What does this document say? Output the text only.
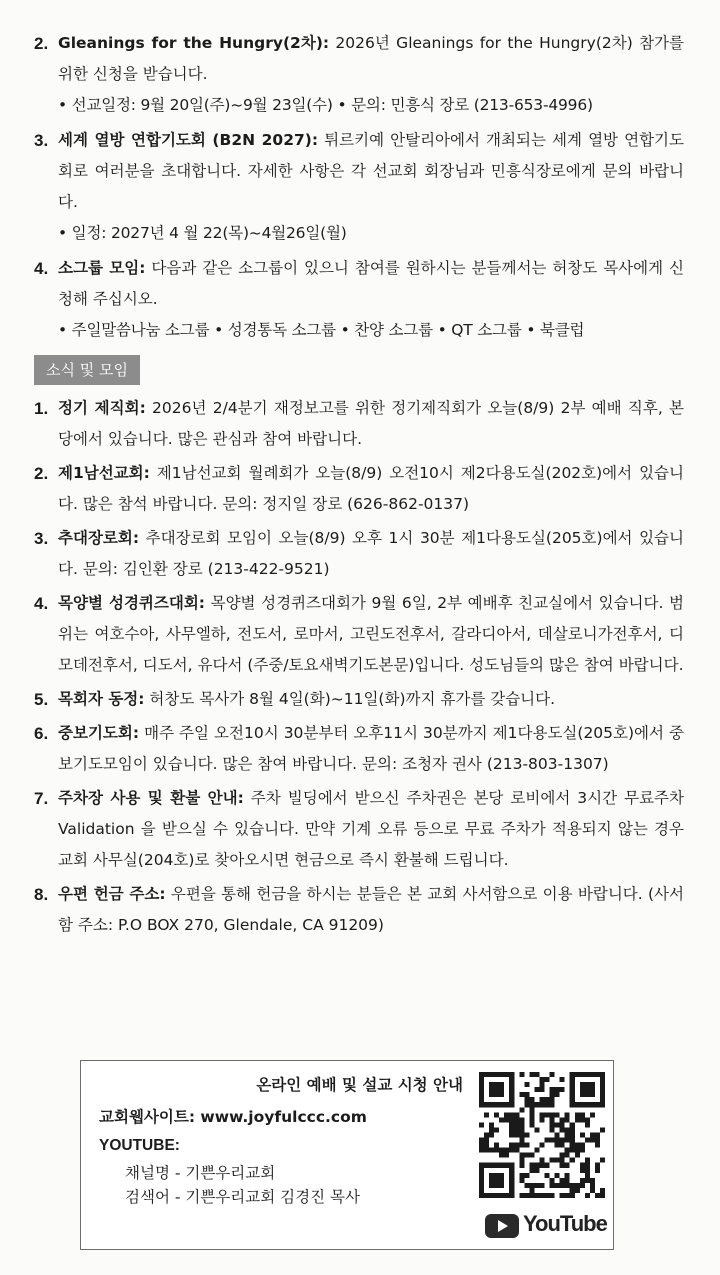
2. Gleanings for the Hungry(2차): 2026년 Gleanings for the Hungry(2차) 참가를 위한 신청을 받습니다.
• 선교일정: 9월 20일(주)~9월 23일(수) • 문의: 민흥식 장로 (213-653-4996)
3. 세계 열방 연합기도회 (B2N 2027): 튀르키예 안탈리아에서 개최되는 세계 열방 연합기도회로 여러분을 초대합니다. 자세한 사항은 각 선교회 회장님과 민흥식장로에게 문의 바랍니다.
• 일정: 2027년 4 월 22(목)~4월26일(월)
4. 소그룹 모임: 다음과 같은 소그룹이 있으니 참여를 원하시는 분들께서는 허창도 목사에게 신청해 주십시오.
• 주일말씀나눔 소그룹 • 성경통독 소그룹 • 찬양 소그룹 • QT 소그룹 • 북클럽
소식 및 모임
1. 정기 제직회: 2026년 2/4분기 재정보고를 위한 정기제직회가 오늘(8/9) 2부 예배 직후, 본당에서 있습니다. 많은 관심과 참여 바랍니다.
2. 제1남선교회: 제1남선교회 월례회가 오늘(8/9) 오전10시 제2다용도실(202호)에서 있습니다. 많은 참석 바랍니다. 문의: 정지일 장로 (626-862-0137)
3. 추대장로회: 추대장로회 모임이 오늘(8/9) 오후 1시 30분 제1다용도실(205호)에서 있습니다. 문의: 김인환 장로 (213-422-9521)
4. 목양별 성경퀴즈대회: 목양별 성경퀴즈대회가 9월 6일, 2부 예배후 친교실에서 있습니다. 범위는 여호수아, 사무엘하, 전도서, 로마서, 고린도전후서, 갈라디아서, 데살로니가전후서, 디모데전후서, 디도서, 유다서 (주중/토요새벽기도본문)입니다. 성도님들의 많은 참여 바랍니다.
5. 목회자 동정: 허창도 목사가 8월 4일(화)~11일(화)까지 휴가를 갖습니다.
6. 중보기도회: 매주 주일 오전10시 30분부터 오후11시 30분까지 제1다용도실(205호)에서 중보기도모임이 있습니다. 많은 참여 바랍니다. 문의: 조청자 권사 (213-803-1307)
7. 주차장 사용 및 환불 안내: 주차 빌딩에서 받으신 주차권은 본당 로비에서 3시간 무료주차 Validation 을 받으실 수 있습니다. 만약 기계 오류 등으로 무료 주차가 적용되지 않는 경우 교회 사무실(204호)로 찾아오시면 현금으로 즉시 환불해 드립니다.
8. 우편 헌금 주소: 우편을 통해 헌금을 하시는 분들은 본 교회 사서함으로 이용 바랍니다. (사서함 주소: P.O BOX 270, Glendale, CA 91209)
온라인 예배 및 설교 시청 안내
교회웹사이트: www.joyfulccc.com
YOUTUBE:
채널명 - 기쁜우리교회
검색어 - 기쁜우리교회 김경진 목사
YouTube
